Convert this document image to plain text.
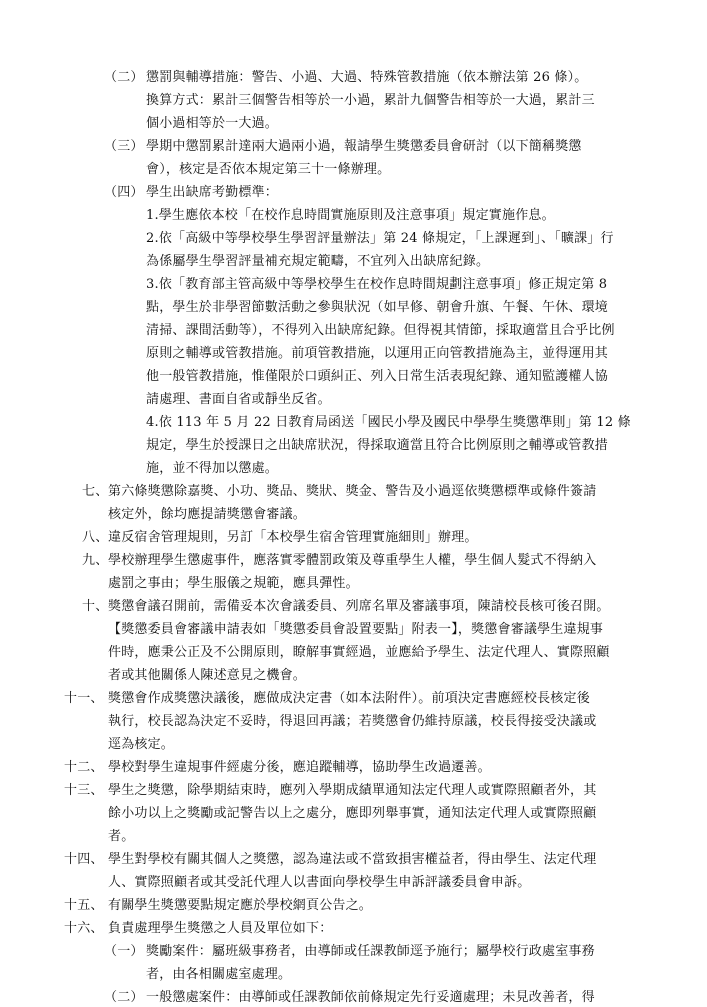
（二） 懲罰與輔導措施：警告、小過、大過、特殊管教措施（依本辦法第 26 條）。
換算方式：累計三個警告相等於一小過，累計九個警告相等於一大過，累計三
個小過相等於一大過。
（三） 學期中懲罰累計達兩大過兩小過，報請學生獎懲委員會研討（以下簡稱獎懲
會），核定是否依本規定第三十一條辦理。
（四） 學生出缺席考勤標準：
1.學生應依本校「在校作息時間實施原則及注意事項」規定實施作息。
2.依「高級中等學校學生學習評量辦法」第 24 條規定，「上課遲到」、「曠課」行
為係屬學生學習評量補充規定範疇，不宜列入出缺席紀錄。
3.依「教育部主管高級中等學校學生在校作息時間規劃注意事項」修正規定第 8
點，學生於非學習節數活動之參與狀況（如早修、朝會升旗、午餐、午休、環境
清掃、課間活動等），不得列入出缺席紀錄。但得視其情節，採取適當且合乎比例
原則之輔導或管教措施。前項管教措施，以運用正向管教措施為主，並得運用其
他一般管教措施，惟僅限於口頭糾正、列入日常生活表現紀錄、通知監護權人協
請處理、書面自省或靜坐反省。
4.依 113 年 5 月 22 日教育局函送「國民小學及國民中學學生獎懲準則」第 12 條
規定，學生於授課日之出缺席狀況，得採取適當且符合比例原則之輔導或管教措
施，並不得加以懲處。
七、 第六條獎懲除嘉獎、小功、獎品、獎狀、獎金、警告及小過逕依獎懲標準或條件簽請
核定外，餘均應提請獎懲會審議。
八、 違反宿舍管理規則，另訂「本校學生宿舍管理實施細則」辦理。
九、 學校辦理學生懲處事件，應落實零體罰政策及尊重學生人權，學生個人髮式不得納入
處罰之事由；學生服儀之規範，應具彈性。
十、 獎懲會議召開前，需備妥本次會議委員、列席名單及審議事項，陳請校長核可後召開。
【獎懲委員會審議申請表如「獎懲委員會設置要點」附表一】，獎懲會審議學生違規事
件時，應秉公正及不公開原則，瞭解事實經過，並應給予學生、法定代理人、實際照顧
者或其他關係人陳述意見之機會。
十一、 獎懲會作成獎懲決議後，應做成決定書（如本法附件）。前項決定書應經校長核定後
執行，校長認為決定不妥時，得退回再議；若獎懲會仍維持原議，校長得接受決議或
逕為核定。
十二、 學校對學生違規事件經處分後，應追蹤輔導，協助學生改過遷善。
十三、 學生之獎懲，除學期結束時，應列入學期成績單通知法定代理人或實際照顧者外，其
餘小功以上之獎勵或記警告以上之處分，應即列舉事實，通知法定代理人或實際照顧
者。
十四、 學生對學校有關其個人之獎懲，認為違法或不當致損害權益者，得由學生、法定代理
人、實際照顧者或其受託代理人以書面向學校學生申訴評議委員會申訴。
十五、 有關學生獎懲要點規定應於學校網頁公告之。
十六、 負責處理學生獎懲之人員及單位如下：
（一） 獎勵案件：屬班級事務者，由導師或任課教師逕予施行；屬學校行政處室事務
者，由各相關處室處理。
（二） 一般懲處案件：由導師或任課教師依前條規定先行妥適處理；未見改善者，得
